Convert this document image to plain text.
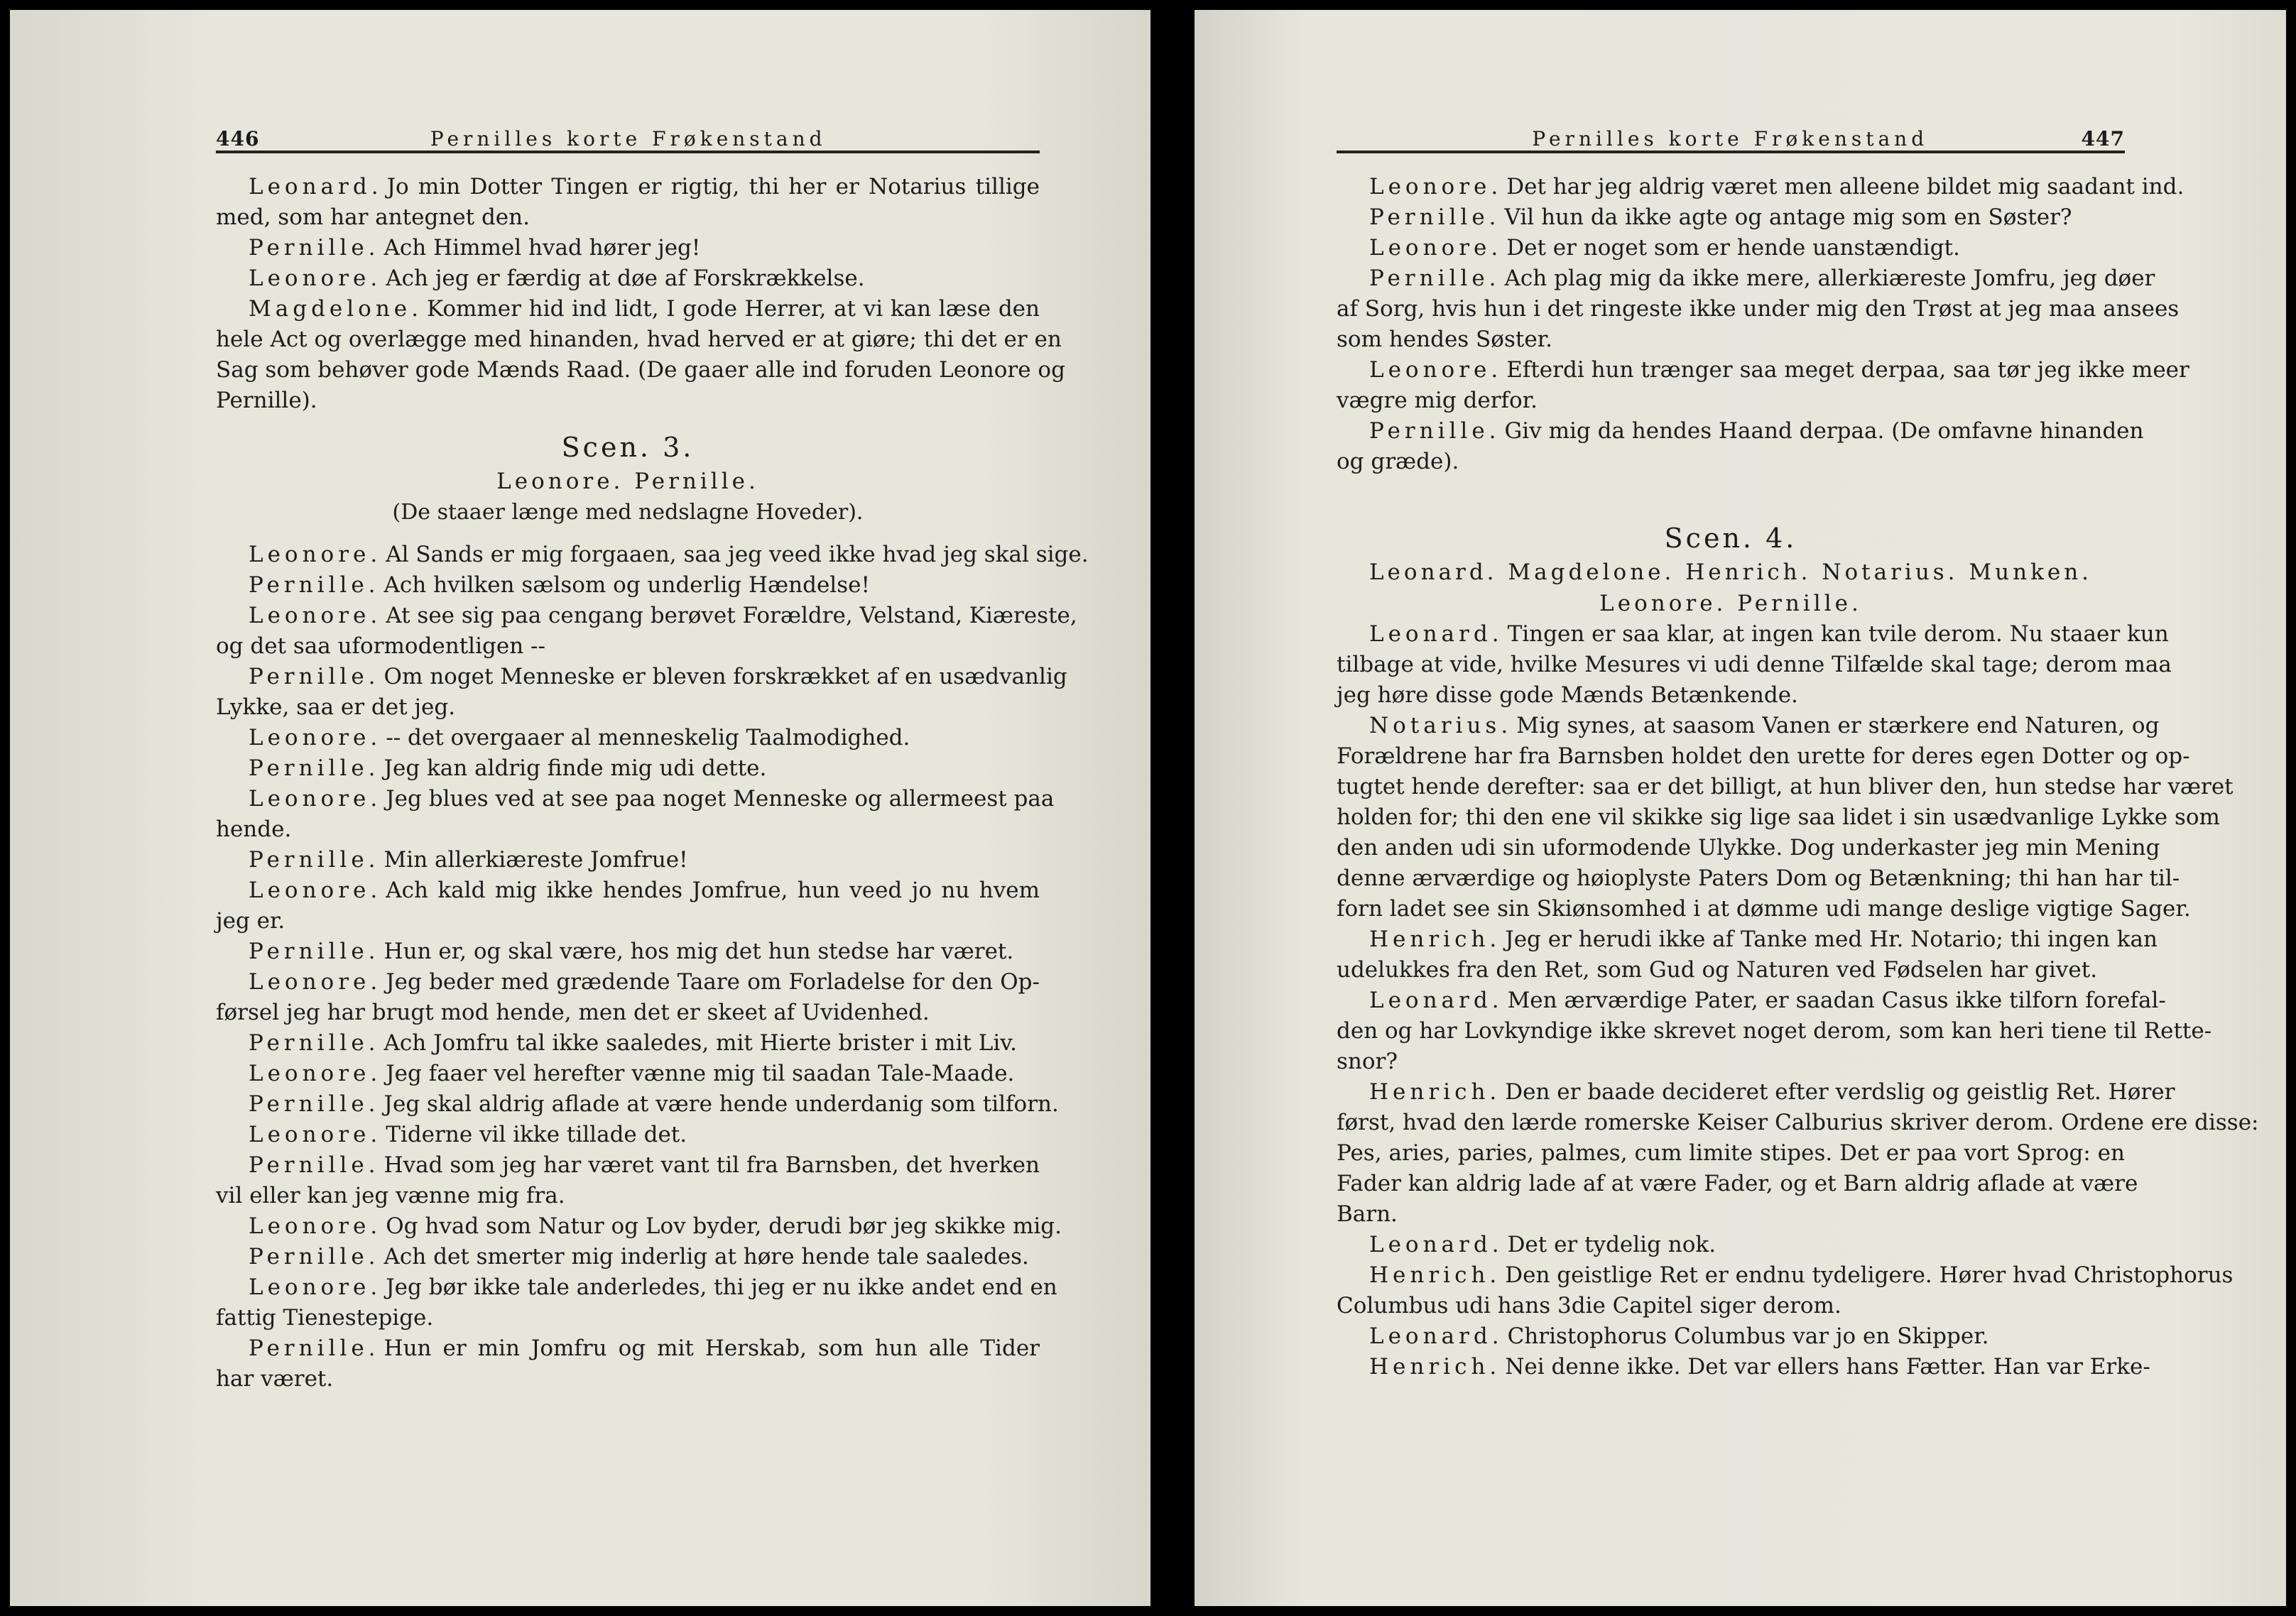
446	Pernilles korte Frøkenstand
Leonard. Jo min Dotter Tingen er rigtig, thi her er Notarius tillige
med, som har antegnet den.
Pernille. Ach Himmel hvad hører jeg!
Leonore. Ach jeg er færdig at døe af Forskrækkelse.
Magdelone. Kommer hid ind lidt, I gode Herrer, at vi kan læse den
hele Act og overlægge med hinanden, hvad herved er at giøre; thi det er en
Sag som behøver gode Mænds Raad. (De gaaer alle ind foruden Leonore og
Pernille).
Scen. 3.
Leonore. Pernille.
(De staaer længe med nedslagne Hoveder).
Leonore. Al Sands er mig forgaaen, saa jeg veed ikke hvad jeg skal sige.
Pernille. Ach hvilken sælsom og underlig Hændelse!
Leonore. At see sig paa cengang berøvet Forældre, Velstand, Kiæreste,
og det saa uformodentligen --
Pernille. Om noget Menneske er bleven forskrækket af en usædvanlig
Lykke, saa er det jeg.
Leonore. -- det overgaaer al menneskelig Taalmodighed.
Pernille. Jeg kan aldrig finde mig udi dette.
Leonore. Jeg blues ved at see paa noget Menneske og allermeest paa
hende.
Pernille. Min allerkiæreste Jomfrue!
Leonore. Ach kald mig ikke hendes Jomfrue, hun veed jo nu hvem
jeg er.
Pernille. Hun er, og skal være, hos mig det hun stedse har været.
Leonore. Jeg beder med grædende Taare om Forladelse for den Op-
førsel jeg har brugt mod hende, men det er skeet af Uvidenhed.
Pernille. Ach Jomfru tal ikke saaledes, mit Hierte brister i mit Liv.
Leonore. Jeg faaer vel herefter vænne mig til saadan Tale-Maade.
Pernille. Jeg skal aldrig aflade at være hende underdanig som tilforn.
Leonore. Tiderne vil ikke tillade det.
Pernille. Hvad som jeg har været vant til fra Barnsben, det hverken
vil eller kan jeg vænne mig fra.
Leonore. Og hvad som Natur og Lov byder, derudi bør jeg skikke mig.
Pernille. Ach det smerter mig inderlig at høre hende tale saaledes.
Leonore. Jeg bør ikke tale anderledes, thi jeg er nu ikke andet end en
fattig Tienestepige.
Pernille. Hun er min Jomfru og mit Herskab, som hun alle Tider
har været.
Pernilles korte Frøkenstand	447
Leonore. Det har jeg aldrig været men alleene bildet mig saadant ind.
Pernille. Vil hun da ikke agte og antage mig som en Søster?
Leonore. Det er noget som er hende uanstændigt.
Pernille. Ach plag mig da ikke mere, allerkiæreste Jomfru, jeg døer
af Sorg, hvis hun i det ringeste ikke under mig den Trøst at jeg maa ansees
som hendes Søster.
Leonore. Efterdi hun trænger saa meget derpaa, saa tør jeg ikke meer
vægre mig derfor.
Pernille. Giv mig da hendes Haand derpaa. (De omfavne hinanden
og græde).
Scen. 4.
Leonard. Magdelone. Henrich. Notarius. Munken.
Leonore. Pernille.
Leonard. Tingen er saa klar, at ingen kan tvile derom. Nu staaer kun
tilbage at vide, hvilke Mesures vi udi denne Tilfælde skal tage; derom maa
jeg høre disse gode Mænds Betænkende.
Notarius. Mig synes, at saasom Vanen er stærkere end Naturen, og
Forældrene har fra Barnsben holdet den urette for deres egen Dotter og op-
tugtet hende derefter: saa er det billigt, at hun bliver den, hun stedse har været
holden for; thi den ene vil skikke sig lige saa lidet i sin usædvanlige Lykke som
den anden udi sin uformodende Ulykke. Dog underkaster jeg min Mening
denne ærværdige og høioplyste Paters Dom og Betænkning; thi han har til-
forn ladet see sin Skiønsomhed i at dømme udi mange deslige vigtige Sager.
Henrich. Jeg er herudi ikke af Tanke med Hr. Notario; thi ingen kan
udelukkes fra den Ret, som Gud og Naturen ved Fødselen har givet.
Leonard. Men ærværdige Pater, er saadan Casus ikke tilforn forefal-
den og har Lovkyndige ikke skrevet noget derom, som kan heri tiene til Rette-
snor?
Henrich. Den er baade decideret efter verdslig og geistlig Ret. Hører
først, hvad den lærde romerske Keiser Calburius skriver derom. Ordene ere disse:
Pes, aries, paries, palmes, cum limite stipes. Det er paa vort Sprog: en
Fader kan aldrig lade af at være Fader, og et Barn aldrig aflade at være
Barn.
Leonard. Det er tydelig nok.
Henrich. Den geistlige Ret er endnu tydeligere. Hører hvad Christophorus
Columbus udi hans 3die Capitel siger derom.
Leonard. Christophorus Columbus var jo en Skipper.
Henrich. Nei denne ikke. Det var ellers hans Fætter. Han var Erke-
